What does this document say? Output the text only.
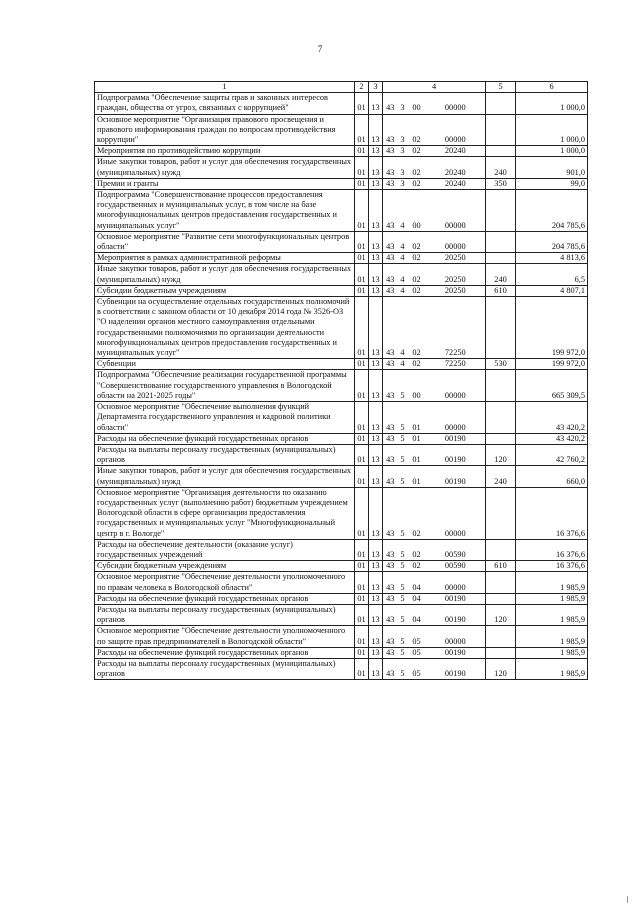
7
1	2	3	4				5	6
Подпрограмма "Обеспечение защиты прав и законных интересов граждан, общества от угроз, связанных с коррупцией"	01	13	43	3	00	00000		1 000,0
Основное мероприятие "Организация правового просвещения и правового информирования граждан по вопросам противодействия коррупции"	01	13	43	3	02	00000		1 000,0
Мероприятия по противодействию коррупции	01	13	43	3	02	20240		1 000,0
Иные закупки товаров, работ и услуг для обеспечения государственных (муниципальных) нужд	01	13	43	3	02	20240	240	901,0
Премии и гранты	01	13	43	3	02	20240	350	99,0
Подпрограмма "Совершенствование процессов предоставления государственных и муниципальных услуг, в том числе на базе многофункциональных центров предоставления государственных и муниципальных услуг"	01	13	43	4	00	00000		204 785,6
Основное мероприятие "Развитие сети многофункциональных центров области"	01	13	43	4	02	00000		204 785,6
Мероприятия в рамках административной реформы	01	13	43	4	02	20250		4 813,6
Иные закупки товаров, работ и услуг для обеспечения государственных (муниципальных) нужд	01	13	43	4	02	20250	240	6,5
Субсидии бюджетным учреждениям	01	13	43	4	02	20250	610	4 807,1
Субвенции на осуществление отдельных государственных полномочий в соответствии с законом области от 10 декабря 2014 года № 3526-ОЗ "О наделении органов местного самоуправления отдельными государственными полномочиями по организации деятельности многофункциональных центров предоставления государственных и муниципальных услуг"	01	13	43	4	02	72250		199 972,0
Субвенции	01	13	43	4	02	72250	530	199 972,0
Подпрограмма "Обеспечение реализации государственной программы "Совершенствование государственного управления в Вологодской области на 2021-2025 годы"	01	13	43	5	00	00000		665 309,5
Основное мероприятие "Обеспечение выполнения функций Департамента государственного управления и кадровой политики области"	01	13	43	5	01	00000		43 420,2
Расходы на обеспечение функций государственных органов	01	13	43	5	01	00190		43 420,2
Расходы на выплаты персоналу государственных (муниципальных) органов	01	13	43	5	01	00190	120	42 760,2
Иные закупки товаров, работ и услуг для обеспечения государственных (муниципальных) нужд	01	13	43	5	01	00190	240	660,0
Основное мероприятие "Организация деятельности по оказанию государственных услуг (выполнению работ) бюджетным учреждением Вологодской области в сфере организации предоставления государственных и муниципальных услуг "Многофункциональный центр в г. Вологде"	01	13	43	5	02	00000		16 376,6
Расходы на обеспечение деятельности (оказание услуг) государственных учреждений	01	13	43	5	02	00590		16 376,6
Субсидии бюджетным учреждениям	01	13	43	5	02	00590	610	16 376,6
Основное мероприятие "Обеспечение деятельности уполномоченного по правам человека в Вологодской области"	01	13	43	5	04	00000		1 985,9
Расходы на обеспечение функций государственных органов	01	13	43	5	04	00190		1 985,9
Расходы на выплаты персоналу государственных (муниципальных) органов	01	13	43	5	04	00190	120	1 985,9
Основное мероприятие "Обеспечение деятельности уполномоченного по защите прав предпринимателей в Вологодской области"	01	13	43	5	05	00000		1 985,9
Расходы на обеспечение функций государственных органов	01	13	43	5	05	00190		1 985,9
Расходы на выплаты персоналу государственных (муниципальных) органов	01	13	43	5	05	00190	120	1 985,9
